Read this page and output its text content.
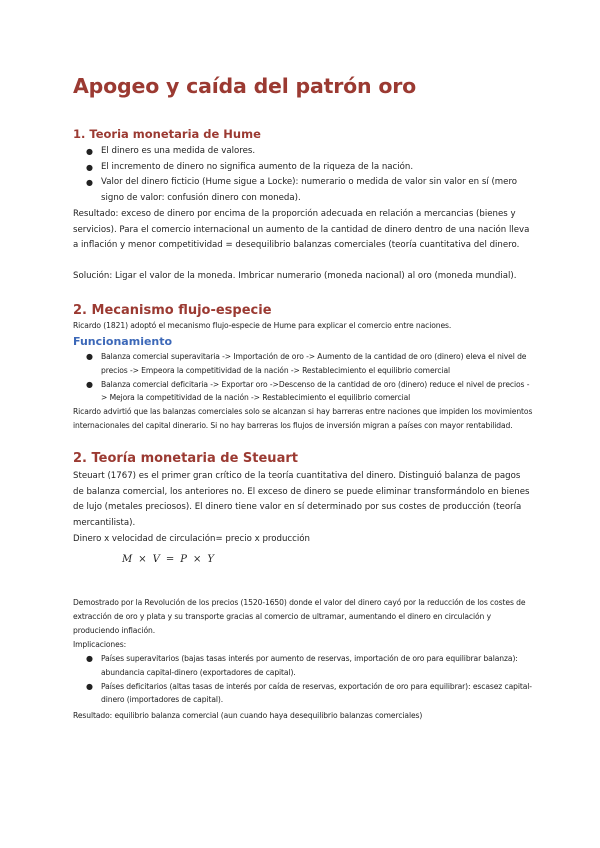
Apogeo y caída del patrón oro
1. Teoria monetaria de Hume
● El dinero es una medida de valores.
● El incremento de dinero no significa aumento de la riqueza de la nación.
● Valor del dinero ficticio (Hume sigue a Locke): numerario o medida de valor sin valor en sí (mero signo de valor: confusión dinero con moneda).

Resultado: exceso de dinero por encima de la proporción adecuada en relación a mercancias (bienes y servicios). Para el comercio internacional un aumento de la cantidad de dinero dentro de una nación lleva a inflación y menor competitividad = desequilibrio balanzas comerciales (teoría cuantitativa del dinero.

Solución: Ligar el valor de la moneda. Imbricar numerario (moneda nacional) al oro (moneda mundial).

2. Mecanismo flujo-especie

Ricardo (1821) adoptó el mecanismo flujo-especie de Hume para explicar el comercio entre naciones.

Funcionamiento
● Balanza comercial superavitaria -> Importación de oro -> Aumento de la cantidad de oro (dinero) eleva el nivel de precios -> Empeora la competitividad de la nación -> Restablecimiento el equilibrio comercial
● Balanza comercial deficitaria -> Exportar oro ->Descenso de la cantidad de oro (dinero) reduce el nivel de precios -> Mejora la competitividad de la nación -> Restablecimiento el equilibrio comercial

Ricardo advirtió que las balanzas comerciales solo se alcanzan si hay barreras entre naciones que impiden los movimientos internacionales del capital dinerario. Si no hay barreras los flujos de inversión migran a países con mayor rentabilidad.

2. Teoría monetaria de Steuart

Steuart (1767) es el primer gran crítico de la teoría cuantitativa del dinero. Distinguió balanza de pagos de balanza comercial, los anteriores no. El exceso de dinero se puede eliminar transformándolo en bienes de lujo (metales preciosos). El dinero tiene valor en sí determinado por sus costes de producción (teoría mercantilista).

Dinero x velocidad de circulación= precio x producción

M × V = P × Y

Demostrado por la Revolución de los precios (1520-1650) donde el valor del dinero cayó por la reducción de los costes de extracción de oro y plata y su transporte gracias al comercio de ultramar, aumentando el dinero en circulación y produciendo inflación.

Implicaciones:

● Países superavitarios (bajas tasas interés por aumento de reservas, importación de oro para equilibrar balanza): abundancia capital-dinero (exportadores de capital).
● Países deficitarios (altas tasas de interés por caída de reservas, exportación de oro para equilibrar): escasez capital-dinero (importadores de capital).

Resultado: equilibrio balanza comercial (aun cuando haya desequilibrio balanzas comerciales)
